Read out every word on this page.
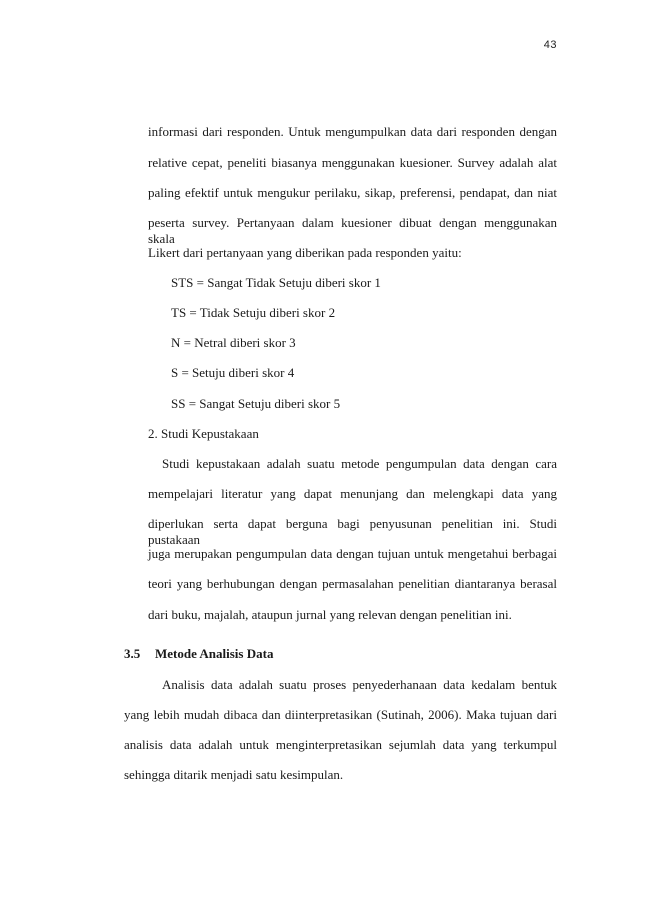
43
informasi dari responden. Untuk mengumpulkan data dari responden dengan
relative cepat, peneliti biasanya menggunakan kuesioner. Survey adalah alat
paling efektif untuk mengukur perilaku, sikap, preferensi, pendapat, dan niat
peserta survey. Pertanyaan dalam kuesioner dibuat dengan menggunakan skala
Likert dari pertanyaan yang diberikan pada responden yaitu:
STS = Sangat Tidak Setuju diberi skor 1
TS = Tidak Setuju diberi skor 2
N = Netral diberi skor 3
S = Setuju diberi skor 4
SS = Sangat Setuju diberi skor 5
2. Studi Kepustakaan
Studi kepustakaan adalah suatu metode pengumpulan data dengan cara
mempelajari literatur yang dapat menunjang dan melengkapi data yang
diperlukan serta dapat berguna bagi penyusunan penelitian ini. Studi pustakaan
juga merupakan pengumpulan data dengan tujuan untuk mengetahui berbagai
teori yang berhubungan dengan permasalahan penelitian diantaranya berasal
dari buku, majalah, ataupun jurnal yang relevan dengan penelitian ini.
3.5 Metode Analisis Data
Analisis data adalah suatu proses penyederhanaan data kedalam bentuk
yang lebih mudah dibaca dan diinterpretasikan (Sutinah, 2006). Maka tujuan dari
analisis data adalah untuk menginterpretasikan sejumlah data yang terkumpul
sehingga ditarik menjadi satu kesimpulan.
